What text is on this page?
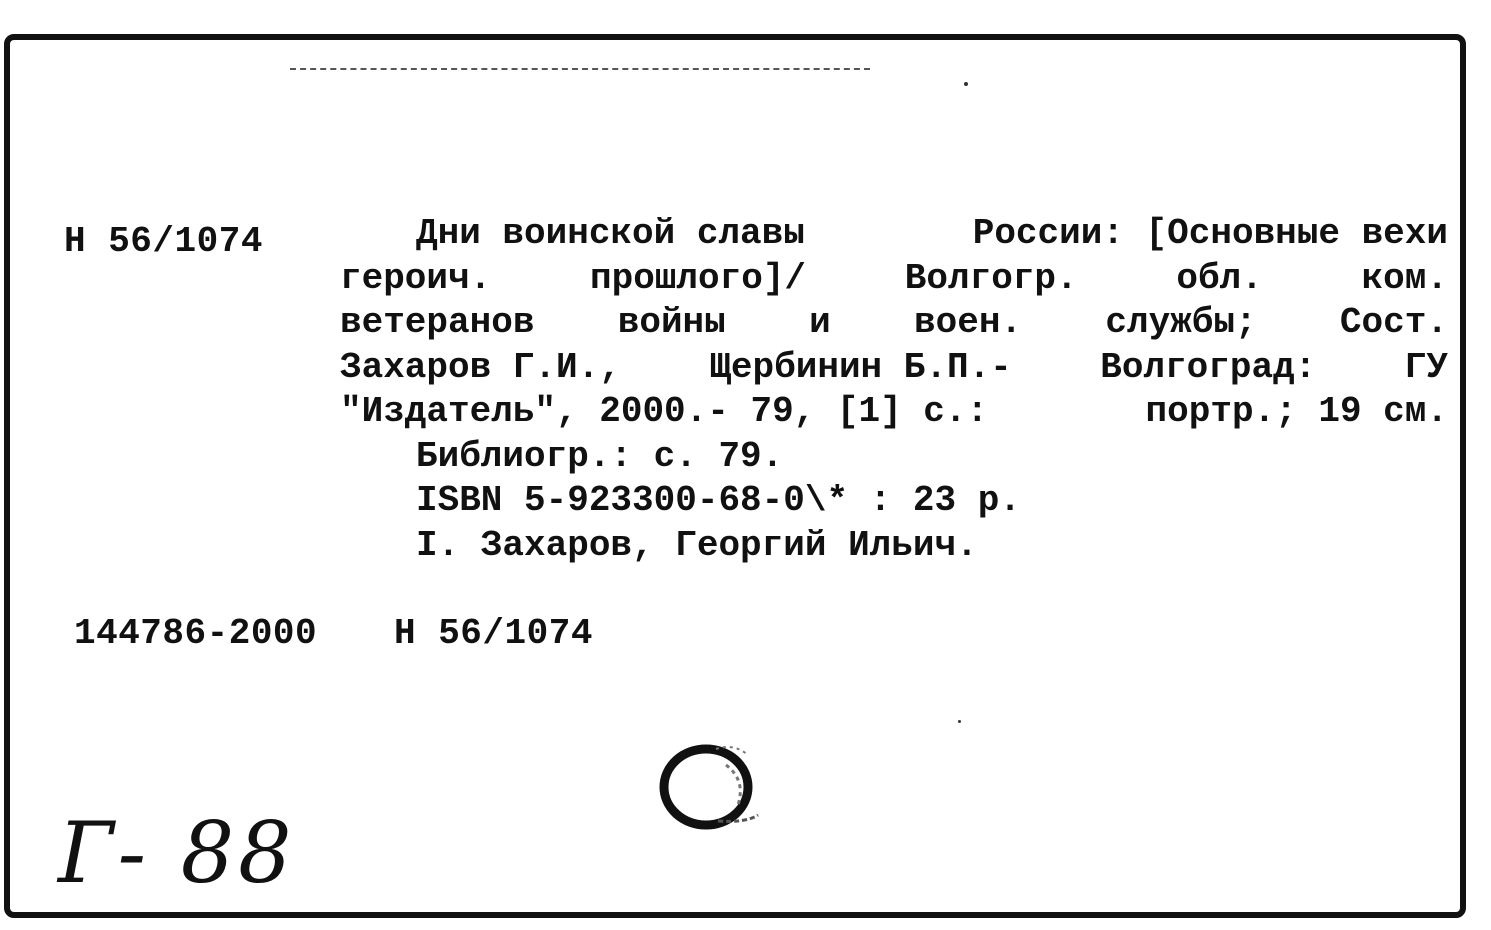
Н 56/1074	Дни воинской славы	России: [Основные вехи
героич.	прошлого]/	Волгогр.	обл.	ком.
ветеранов войны и воен. службы; Сост.
Захаров Г.И., Щербинин Б.П.- Волгоград: ГУ
"Издатель", 2000.- 79, [1] с.:	портр.; 19 см.
Библиогр.: с. 79.
ISBN 5-923300-68-0\* : 23 р.
I. Захаров, Георгий Ильич.
144786-2000 Н 56/1074
Г- 88
